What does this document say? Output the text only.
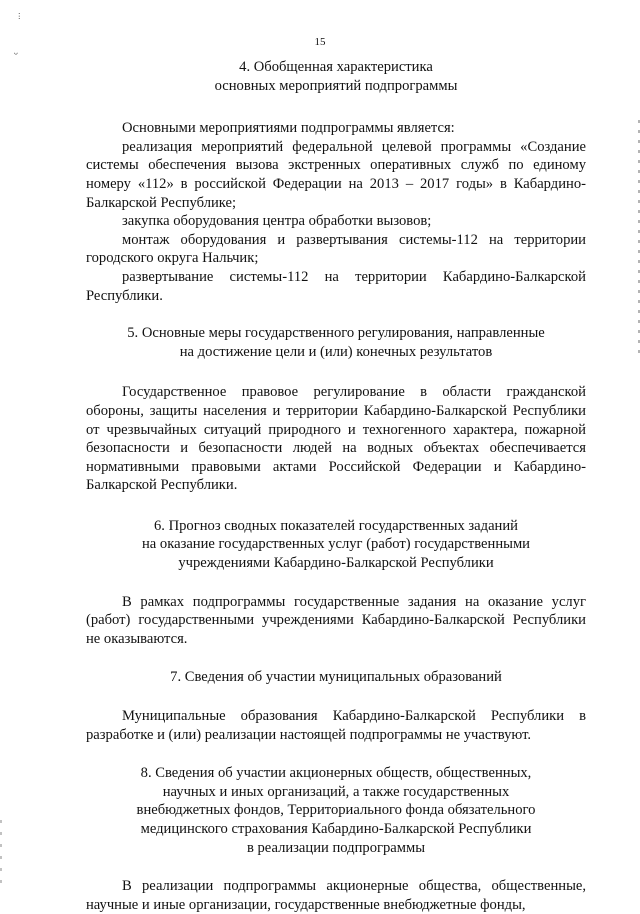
ⵗ
ᵕ
15
4. Обобщенная характеристика
основных мероприятий подпрограммы

Основными мероприятиями подпрограммы является:

реализация мероприятий федеральной целевой программы «Создание системы обеспечения вызова экстренных оперативных служб по единому номеру «112» в российской Федерации на 2013 – 2017 годы» в Кабардино-Балкарской Республике;

закупка оборудования центра обработки вызовов;

монтаж оборудования и развертывания системы-112 на территории городского округа Нальчик;

развертывание системы-112 на территории Кабардино-Балкарской Республики.

5. Основные меры государственного регулирования, направленные
на достижение цели и (или) конечных результатов

Государственное правовое регулирование в области гражданской обороны, защиты населения и территории Кабардино-Балкарской Республики от чрезвычайных ситуаций природного и техногенного характера, пожарной безопасности и безопасности людей на водных объектах обеспечивается нормативными правовыми актами Российской Федерации и Кабардино-Балкарской Республики.

6. Прогноз сводных показателей государственных заданий
на оказание государственных услуг (работ) государственными
учреждениями Кабардино-Балкарской Республики

В рамках подпрограммы государственные задания на оказание услуг (работ) государственными учреждениями Кабардино-Балкарской Республики не оказываются.

7. Сведения об участии муниципальных образований

Муниципальные образования Кабардино-Балкарской Республики в разработке и (или) реализации настоящей подпрограммы не участвуют.

8. Сведения об участии акционерных обществ, общественных,
научных и иных организаций, а также государственных
внебюджетных фондов, Территориального фонда обязательного
медицинского страхования Кабардино-Балкарской Республики
в реализации подпрограммы

В реализации подпрограммы акционерные общества, общественные, научные и иные организации, государственные внебюджетные фонды,
